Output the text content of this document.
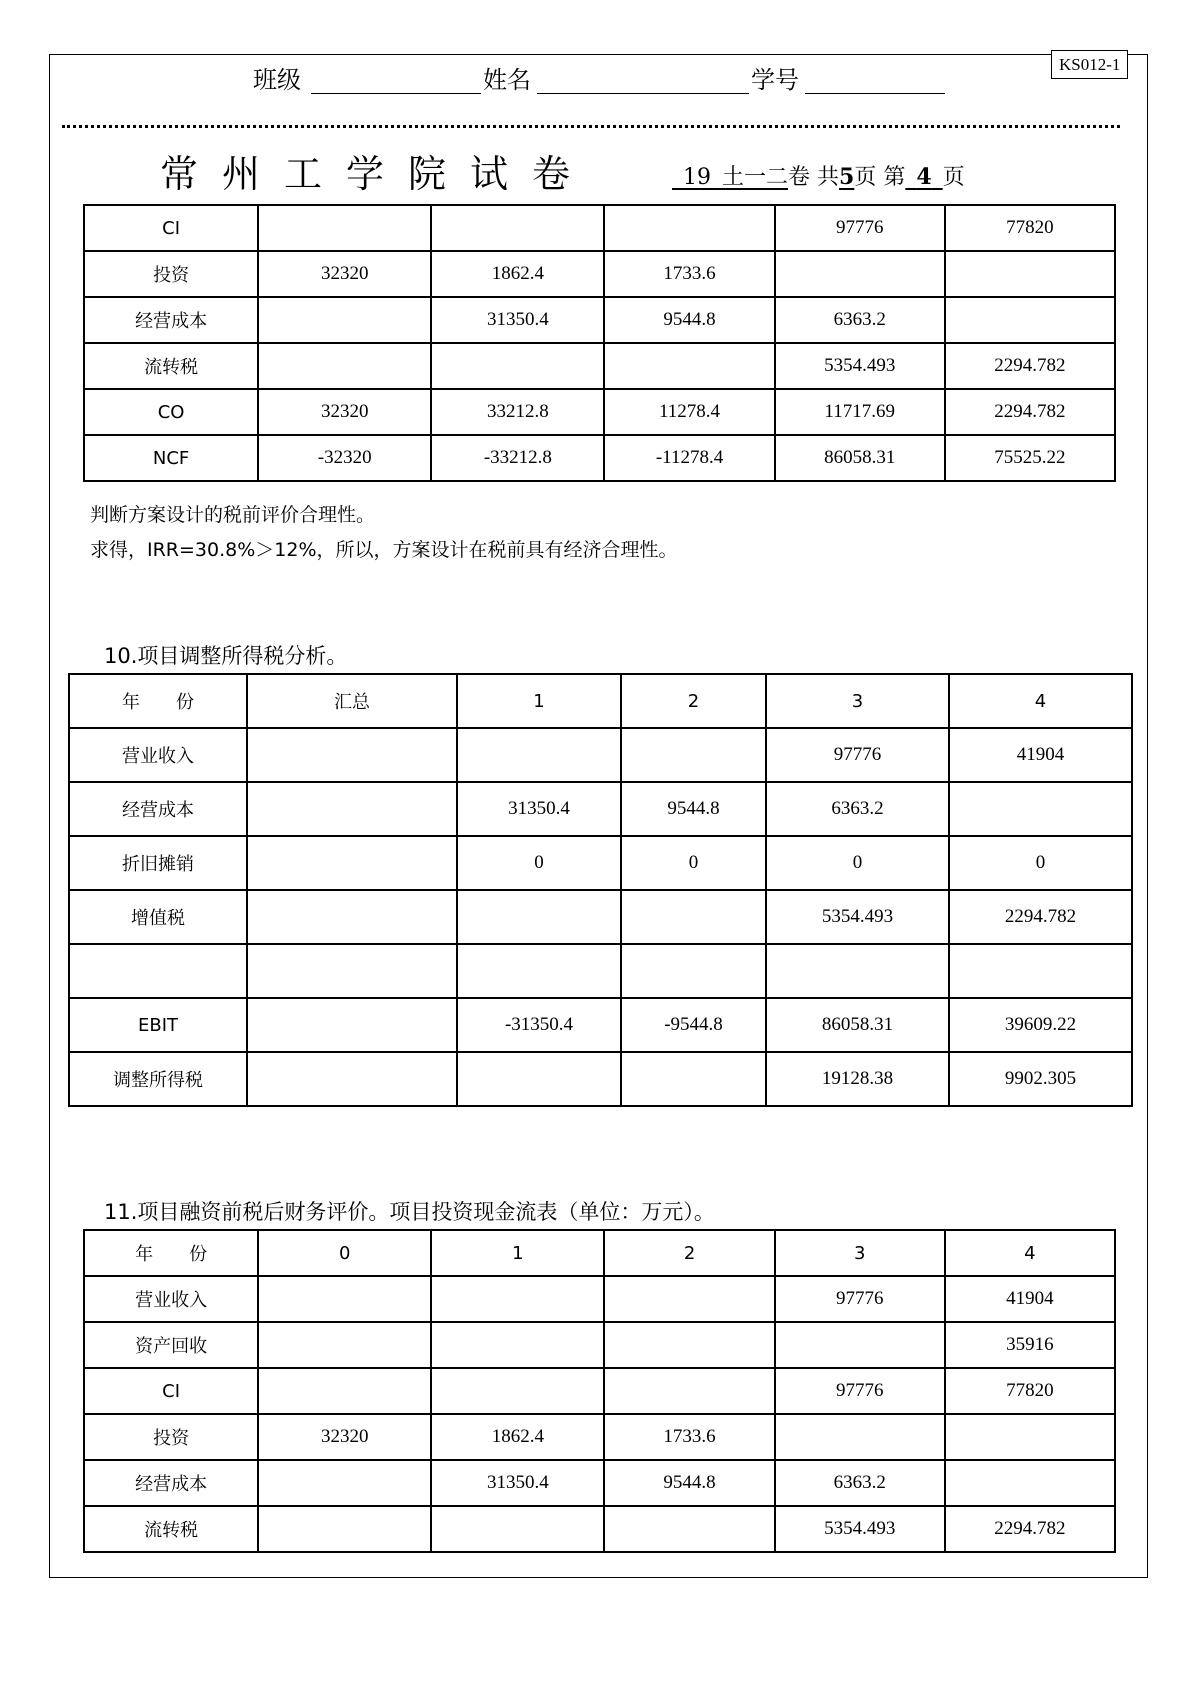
KS012-1
班级	姓名	学号
常州工学院试卷
 	19  土一二卷 共5页 第  4  页
CI				97776	77820
投资	32320	1862.4	1733.6		
经营成本		31350.4	9544.8	6363.2	
流转税				5354.493	2294.782
CO	32320	33212.8	11278.4	11717.69	2294.782
NCF	-32320	-33212.8	-11278.4	86058.31	75525.22
判断方案设计的税前评价合理性。
求得，IRR=30.8%＞12%，所以，方案设计在税前具有经济合理性。
10.项目调整所得税分析。
年　　份	汇总	1	2	3	4
营业收入				97776	41904
经营成本		31350.4	9544.8	6363.2	
折旧摊销		0	0	0	0
增值税				5354.493	2294.782

EBIT		-31350.4	-9544.8	86058.31	39609.22
调整所得税				19128.38	9902.305
11.项目融资前税后财务评价。项目投资现金流表（单位：万元）。
年　　份	0	1	2	3	4
营业收入				97776	41904
资产回收					35916
CI				97776	77820
投资	32320	1862.4	1733.6		
经营成本		31350.4	9544.8	6363.2	
流转税				5354.493	2294.782
